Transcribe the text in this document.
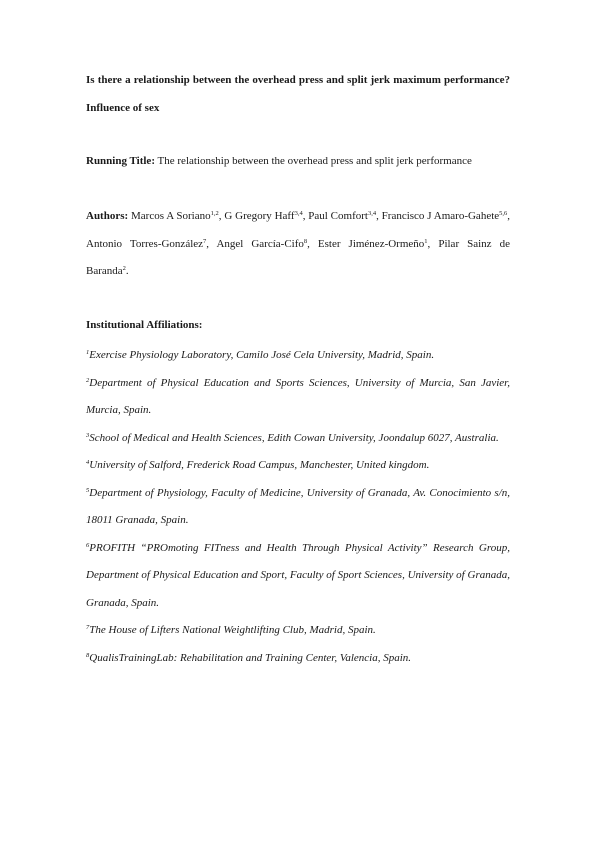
Is there a relationship between the overhead press and split jerk maximum performance? Influence of sex

Running Title: The relationship between the overhead press and split jerk performance

Authors: Marcos A Soriano$^{1,2}$, G Gregory Haff$^{3,4}$, Paul Comfort$^{3,4}$, Francisco J Amaro-Gahete$^{5,6}$, Antonio Torres-González$^7$, Angel García-Cifo$^8$, Ester Jiménez-Ormeño$^1$, Pilar Sainz de Baranda$^2$.

Institutional Affiliations:

$^1$Exercise Physiology Laboratory, Camilo José Cela University, Madrid, Spain.
$^2$Department of Physical Education and Sports Sciences, University of Murcia, San Javier, Murcia, Spain.
$^3$School of Medical and Health Sciences, Edith Cowan University, Joondalup 6027, Australia.
$^4$University of Salford, Frederick Road Campus, Manchester, United kingdom.
$^5$Department of Physiology, Faculty of Medicine, University of Granada, Av. Conocimiento s/n, 18011 Granada, Spain.
$^6$PROFITH “PROmoting FITness and Health Through Physical Activity” Research Group, Department of Physical Education and Sport, Faculty of Sport Sciences, University of Granada, Granada, Spain.
$^7$The House of Lifters National Weightlifting Club, Madrid, Spain.
$^8$QualisTrainingLab: Rehabilitation and Training Center, Valencia, Spain.
